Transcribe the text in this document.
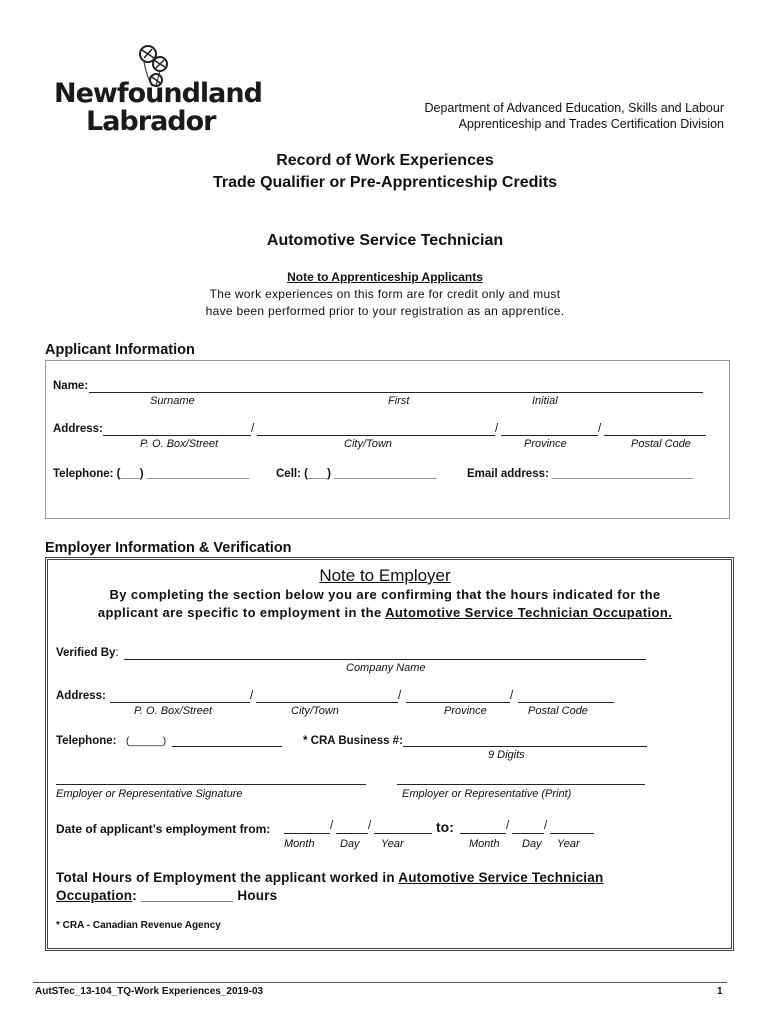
Newfoundland
Labrador	Department of Advanced Education, Skills and Labour
Apprenticeship and Trades Certification Division
Record of Work Experiences
Trade Qualifier or Pre-Apprenticeship Credits
Automotive Service Technician
Note to Apprenticeship Applicants
The work experiences on this form are for credit only and must
have been performed prior to your registration as an apprentice.
Applicant Information
Name:
Surname	First	Initial
Address:	/	/	/
P. O. Box/Street	City/Town	Province	Postal Code
Telephone: (___) ________________ Cell: (___) ________________	Email address: ______________________
Employer Information & Verification
Note to Employer
By completing the section below you are confirming that the hours indicated for the
applicant are specific to employment in the Automotive Service Technician Occupation.
Verified By:
Company Name
Address:	/	/	/
P. O. Box/Street	City/Town	Province	Postal Code
Telephone: (______)	* CRA Business #:
9 Digits
Employer or Representative Signature	Employer or Representative (Print)
Date of applicant’s employment from:	/	/	to:	/	/
Month Day Year	Month Day Year
Total Hours of Employment the applicant worked in Automotive Service Technician
Occupation: ____________ Hours
* CRA - Canadian Revenue Agency
AutSTec_13-104_TQ-Work Experiences_2019-03	1
